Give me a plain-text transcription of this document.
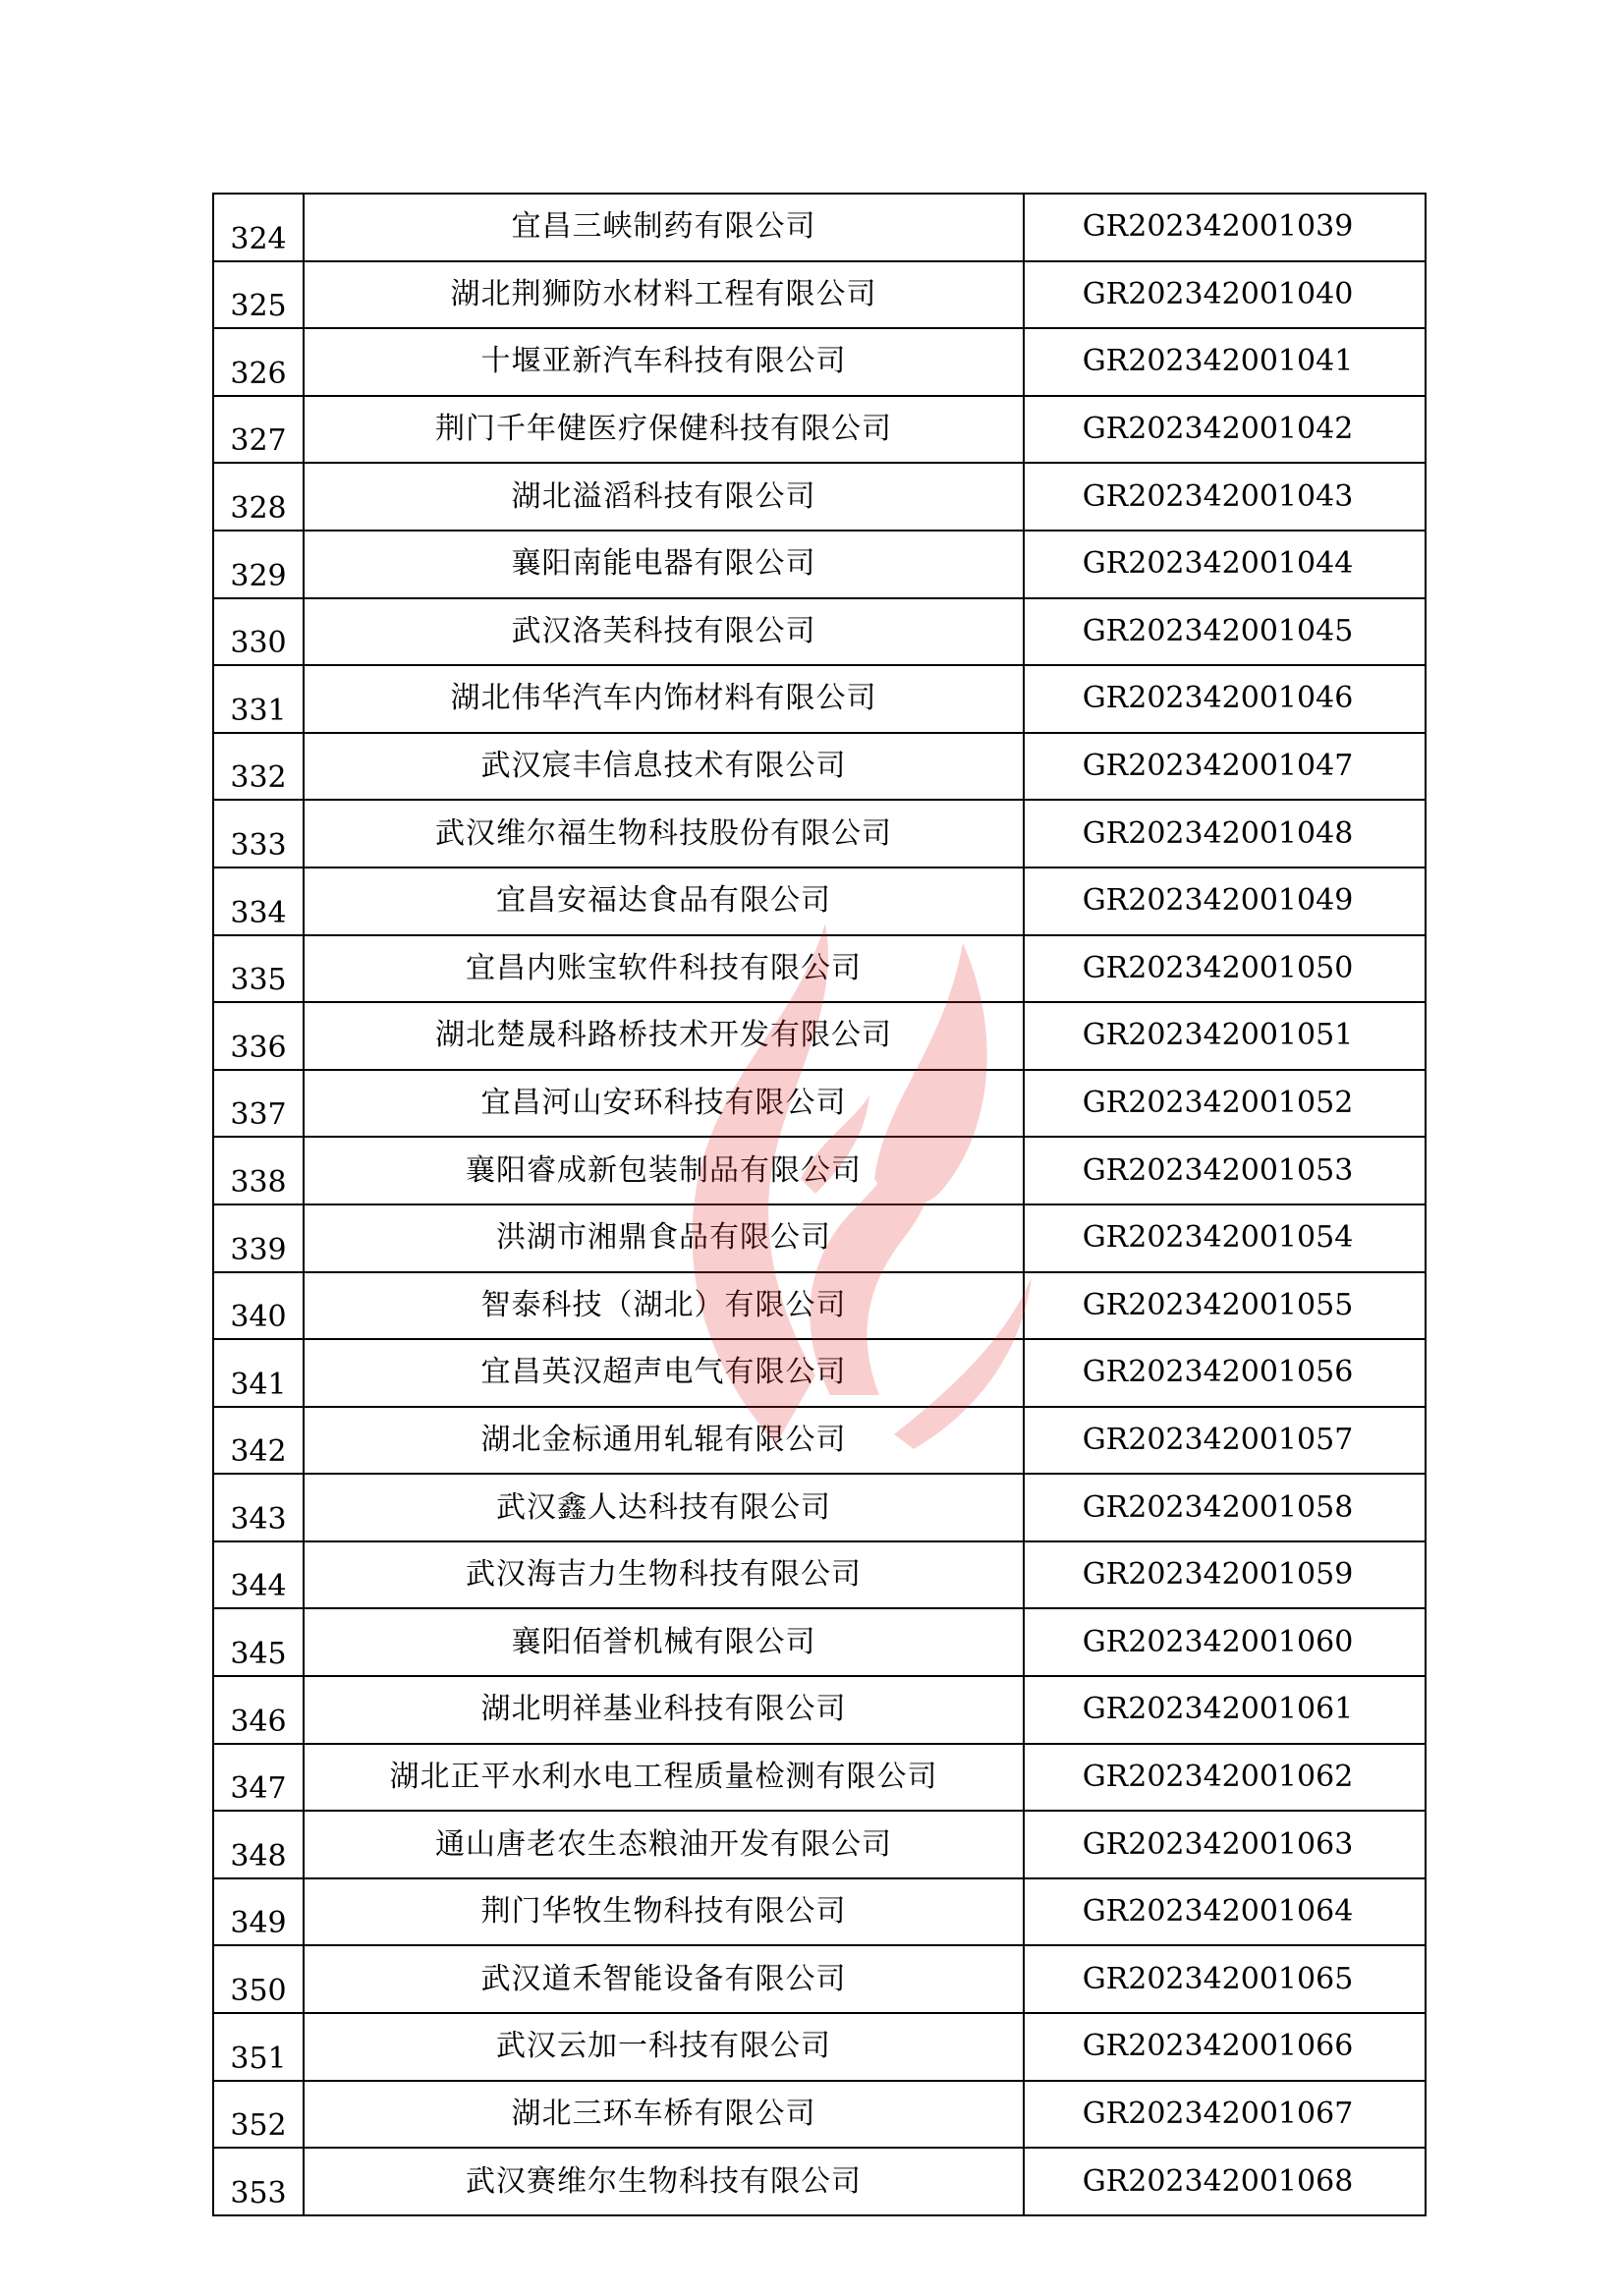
324	宜昌三峡制药有限公司	GR202342001039
325	湖北荆狮防水材料工程有限公司	GR202342001040
326	十堰亚新汽车科技有限公司	GR202342001041
327	荆门千年健医疗保健科技有限公司	GR202342001042
328	湖北溢滔科技有限公司	GR202342001043
329	襄阳南能电器有限公司	GR202342001044
330	武汉洛芙科技有限公司	GR202342001045
331	湖北伟华汽车内饰材料有限公司	GR202342001046
332	武汉宸丰信息技术有限公司	GR202342001047
333	武汉维尔福生物科技股份有限公司	GR202342001048
334	宜昌安福达食品有限公司	GR202342001049
335	宜昌内账宝软件科技有限公司	GR202342001050
336	湖北楚晟科路桥技术开发有限公司	GR202342001051
337	宜昌河山安环科技有限公司	GR202342001052
338	襄阳睿成新包装制品有限公司	GR202342001053
339	洪湖市湘鼎食品有限公司	GR202342001054
340	智泰科技（湖北）有限公司	GR202342001055
341	宜昌英汉超声电气有限公司	GR202342001056
342	湖北金标通用轧辊有限公司	GR202342001057
343	武汉鑫人达科技有限公司	GR202342001058
344	武汉海吉力生物科技有限公司	GR202342001059
345	襄阳佰誉机械有限公司	GR202342001060
346	湖北明祥基业科技有限公司	GR202342001061
347	湖北正平水利水电工程质量检测有限公司	GR202342001062
348	通山唐老农生态粮油开发有限公司	GR202342001063
349	荆门华牧生物科技有限公司	GR202342001064
350	武汉道禾智能设备有限公司	GR202342001065
351	武汉云加一科技有限公司	GR202342001066
352	湖北三环车桥有限公司	GR202342001067
353	武汉赛维尔生物科技有限公司	GR202342001068
